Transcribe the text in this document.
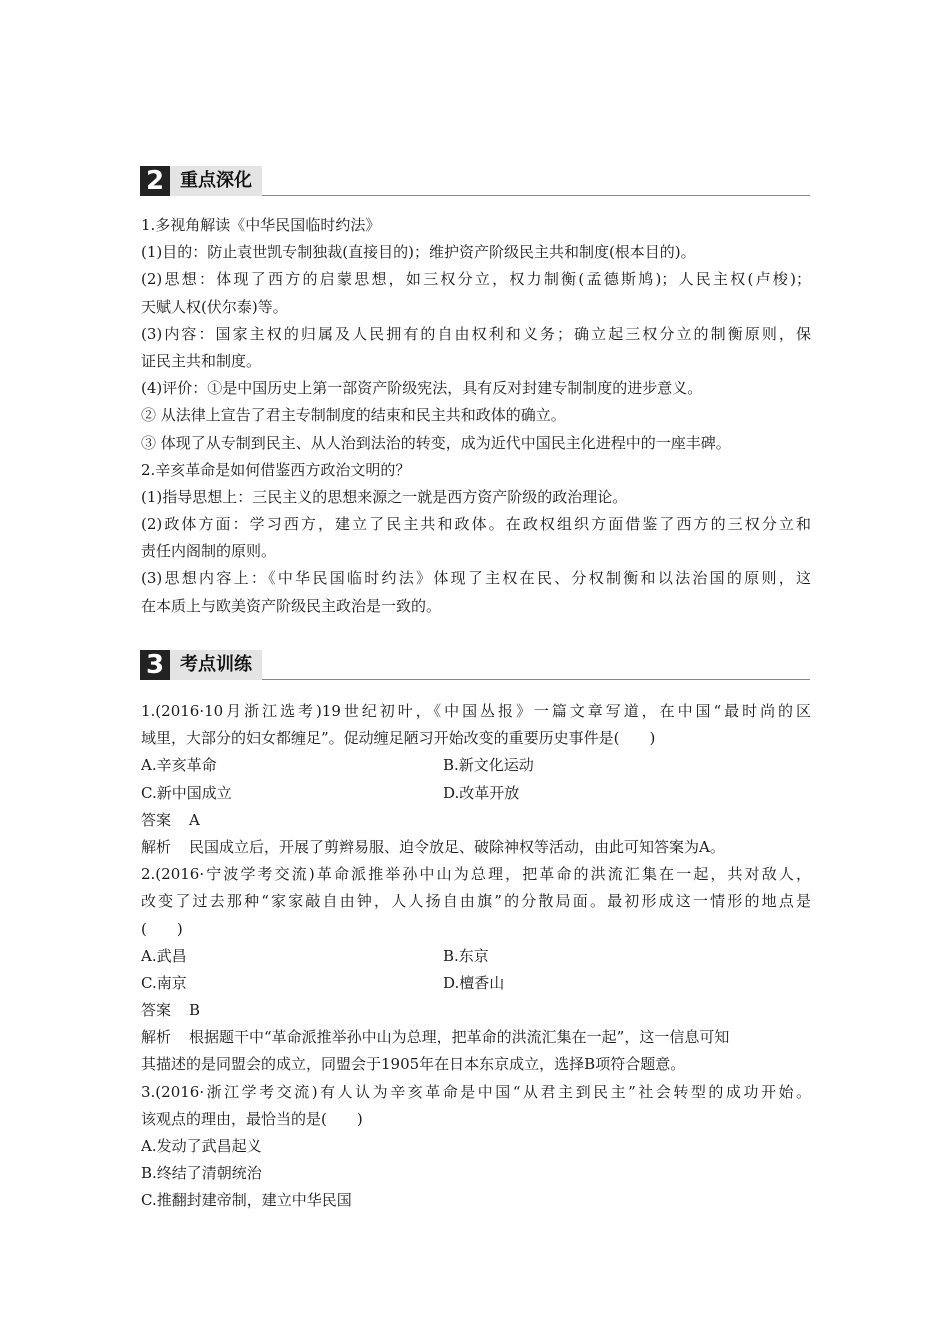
2 重点深化
1.多视角解读《中华民国临时约法》
(1)目的：防止袁世凯专制独裁(直接目的)；维护资产阶级民主共和制度(根本目的)。
(2)思想：体现了西方的启蒙思想，如三权分立，权力制衡(孟德斯鸠)；人民主权(卢梭)；
天赋人权(伏尔泰)等。
(3)内容：国家主权的归属及人民拥有的自由权利和义务；确立起三权分立的制衡原则，保
证民主共和制度。
(4)评价：①是中国历史上第一部资产阶级宪法，具有反对封建专制制度的进步意义。
② 从法律上宣告了君主专制制度的结束和民主共和政体的确立。
③ 体现了从专制到民主、从人治到法治的转变，成为近代中国民主化进程中的一座丰碑。
2.辛亥革命是如何借鉴西方政治文明的？
(1)指导思想上：三民主义的思想来源之一就是西方资产阶级的政治理论。
(2)政体方面：学习西方，建立了民主共和政体。在政权组织方面借鉴了西方的三权分立和
责任内阁制的原则。
(3)思想内容上：《中华民国临时约法》体现了主权在民、分权制衡和以法治国的原则，这
在本质上与欧美资产阶级民主政治是一致的。
3 考点训练
1.(2016·10月浙江选考)19世纪初叶，《中国丛报》一篇文章写道，在中国“最时尚的区
域里，大部分的妇女都缠足”。促动缠足陋习开始改变的重要历史事件是(　　)
A.辛亥革命	B.新文化运动
C.新中国成立	D.改革开放
答案 A
解析 民国成立后，开展了剪辫易服、迫令放足、破除神权等活动，由此可知答案为A。
2.(2016·宁波学考交流)革命派推举孙中山为总理，把革命的洪流汇集在一起，共对敌人，
改变了过去那种“家家敲自由钟，人人扬自由旗”的分散局面。最初形成这一情形的地点是
(　　)
A.武昌	B.东京
C.南京	D.檀香山
答案 B
解析 根据题干中“革命派推举孙中山为总理，把革命的洪流汇集在一起”，这一信息可知
其描述的是同盟会的成立，同盟会于1905年在日本东京成立，选择B项符合题意。
3.(2016·浙江学考交流)有人认为辛亥革命是中国“从君主到民主”社会转型的成功开始。
该观点的理由，最恰当的是(　　)
A.发动了武昌起义
B.终结了清朝统治
C.推翻封建帝制，建立中华民国
